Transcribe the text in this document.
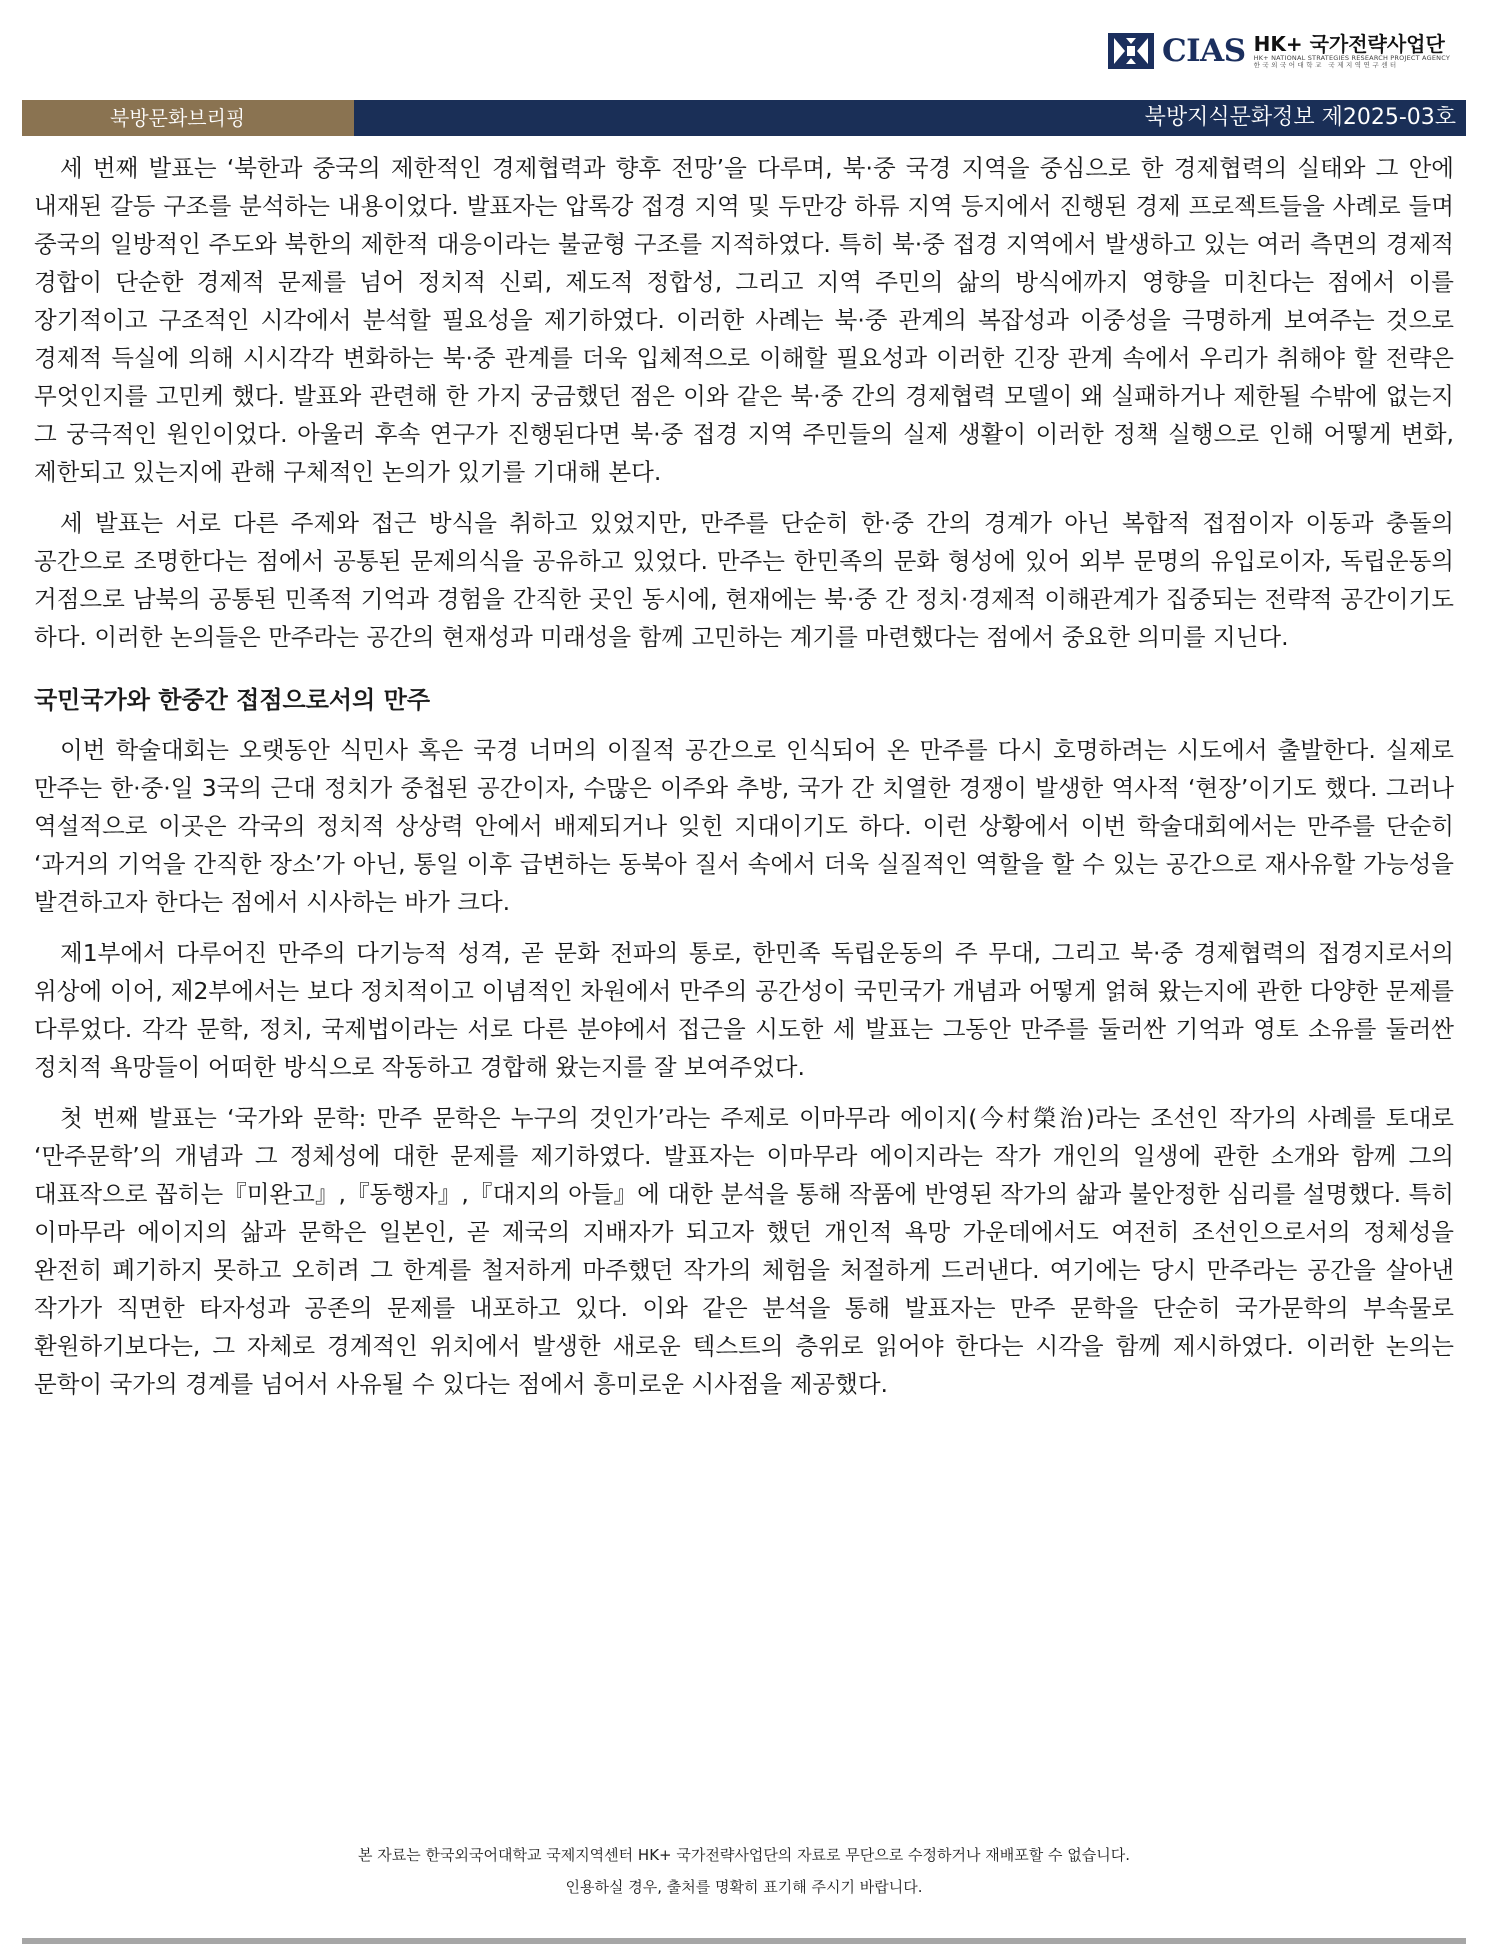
CIAS HK+ 국가전략사업단
HK+ NATIONAL STRATEGIES RESEARCH PROJECT AGENCY
한국외국어대학교 국제지역연구센터
북방문화브리핑	북방지식문화정보 제2025-03호

세 번째 발표는 ‘북한과 중국의 제한적인 경제협력과 향후 전망’을 다루며, 북·중 국경 지역을 중심으로 한 경제협력의 실태와 그 안에 내재된 갈등 구조를 분석하는 내용이었다. 발표자는 압록강 접경 지역 및 두만강 하류 지역 등지에서 진행된 경제 프로젝트들을 사례로 들며 중국의 일방적인 주도와 북한의 제한적 대응이라는 불균형 구조를 지적하였다. 특히 북·중 접경 지역에서 발생하고 있는 여러 측면의 경제적 경합이 단순한 경제적 문제를 넘어 정치적 신뢰, 제도적 정합성, 그리고 지역 주민의 삶의 방식에까지 영향을 미친다는 점에서 이를 장기적이고 구조적인 시각에서 분석할 필요성을 제기하였다. 이러한 사례는 북·중 관계의 복잡성과 이중성을 극명하게 보여주는 것으로 경제적 득실에 의해 시시각각 변화하는 북·중 관계를 더욱 입체적으로 이해할 필요성과 이러한 긴장 관계 속에서 우리가 취해야 할 전략은 무엇인지를 고민케 했다. 발표와 관련해 한 가지 궁금했던 점은 이와 같은 북·중 간의 경제협력 모델이 왜 실패하거나 제한될 수밖에 없는지 그 궁극적인 원인이었다. 아울러 후속 연구가 진행된다면 북·중 접경 지역 주민들의 실제 생활이 이러한 정책 실행으로 인해 어떻게 변화, 제한되고 있는지에 관해 구체적인 논의가 있기를 기대해 본다.

세 발표는 서로 다른 주제와 접근 방식을 취하고 있었지만, 만주를 단순히 한·중 간의 경계가 아닌 복합적 접점이자 이동과 충돌의 공간으로 조명한다는 점에서 공통된 문제의식을 공유하고 있었다. 만주는 한민족의 문화 형성에 있어 외부 문명의 유입로이자, 독립운동의 거점으로 남북의 공통된 민족적 기억과 경험을 간직한 곳인 동시에, 현재에는 북·중 간 정치·경제적 이해관계가 집중되는 전략적 공간이기도 하다. 이러한 논의들은 만주라는 공간의 현재성과 미래성을 함께 고민하는 계기를 마련했다는 점에서 중요한 의미를 지닌다.

국민국가와 한중간 접점으로서의 만주

이번 학술대회는 오랫동안 식민사 혹은 국경 너머의 이질적 공간으로 인식되어 온 만주를 다시 호명하려는 시도에서 출발한다. 실제로 만주는 한·중·일 3국의 근대 정치가 중첩된 공간이자, 수많은 이주와 추방, 국가 간 치열한 경쟁이 발생한 역사적 ‘현장’이기도 했다. 그러나 역설적으로 이곳은 각국의 정치적 상상력 안에서 배제되거나 잊힌 지대이기도 하다. 이런 상황에서 이번 학술대회에서는 만주를 단순히 ‘과거의 기억을 간직한 장소’가 아닌, 통일 이후 급변하는 동북아 질서 속에서 더욱 실질적인 역할을 할 수 있는 공간으로 재사유할 가능성을 발견하고자 한다는 점에서 시사하는 바가 크다.

제1부에서 다루어진 만주의 다기능적 성격, 곧 문화 전파의 통로, 한민족 독립운동의 주 무대, 그리고 북·중 경제협력의 접경지로서의 위상에 이어, 제2부에서는 보다 정치적이고 이념적인 차원에서 만주의 공간성이 국민국가 개념과 어떻게 얽혀 왔는지에 관한 다양한 문제를 다루었다. 각각 문학, 정치, 국제법이라는 서로 다른 분야에서 접근을 시도한 세 발표는 그동안 만주를 둘러싼 기억과 영토 소유를 둘러싼 정치적 욕망들이 어떠한 방식으로 작동하고 경합해 왔는지를 잘 보여주었다.

첫 번째 발표는 ‘국가와 문학: 만주 문학은 누구의 것인가’라는 주제로 이마무라 에이지(今村榮治)라는 조선인 작가의 사례를 토대로 ‘만주문학’의 개념과 그 정체성에 대한 문제를 제기하였다. 발표자는 이마무라 에이지라는 작가 개인의 일생에 관한 소개와 함께 그의 대표작으로 꼽히는『미완고』,『동행자』,『대지의 아들』에 대한 분석을 통해 작품에 반영된 작가의 삶과 불안정한 심리를 설명했다. 특히 이마무라 에이지의 삶과 문학은 일본인, 곧 제국의 지배자가 되고자 했던 개인적 욕망 가운데에서도 여전히 조선인으로서의 정체성을 완전히 폐기하지 못하고 오히려 그 한계를 철저하게 마주했던 작가의 체험을 처절하게 드러낸다. 여기에는 당시 만주라는 공간을 살아낸 작가가 직면한 타자성과 공존의 문제를 내포하고 있다. 이와 같은 분석을 통해 발표자는 만주 문학을 단순히 국가문학의 부속물로 환원하기보다는, 그 자체로 경계적인 위치에서 발생한 새로운 텍스트의 층위로 읽어야 한다는 시각을 함께 제시하였다. 이러한 논의는 문학이 국가의 경계를 넘어서 사유될 수 있다는 점에서 흥미로운 시사점을 제공했다.

본 자료는 한국외국어대학교 국제지역센터 HK+ 국가전략사업단의 자료로 무단으로 수정하거나 재배포할 수 없습니다.
인용하실 경우, 출처를 명확히 표기해 주시기 바랍니다.
